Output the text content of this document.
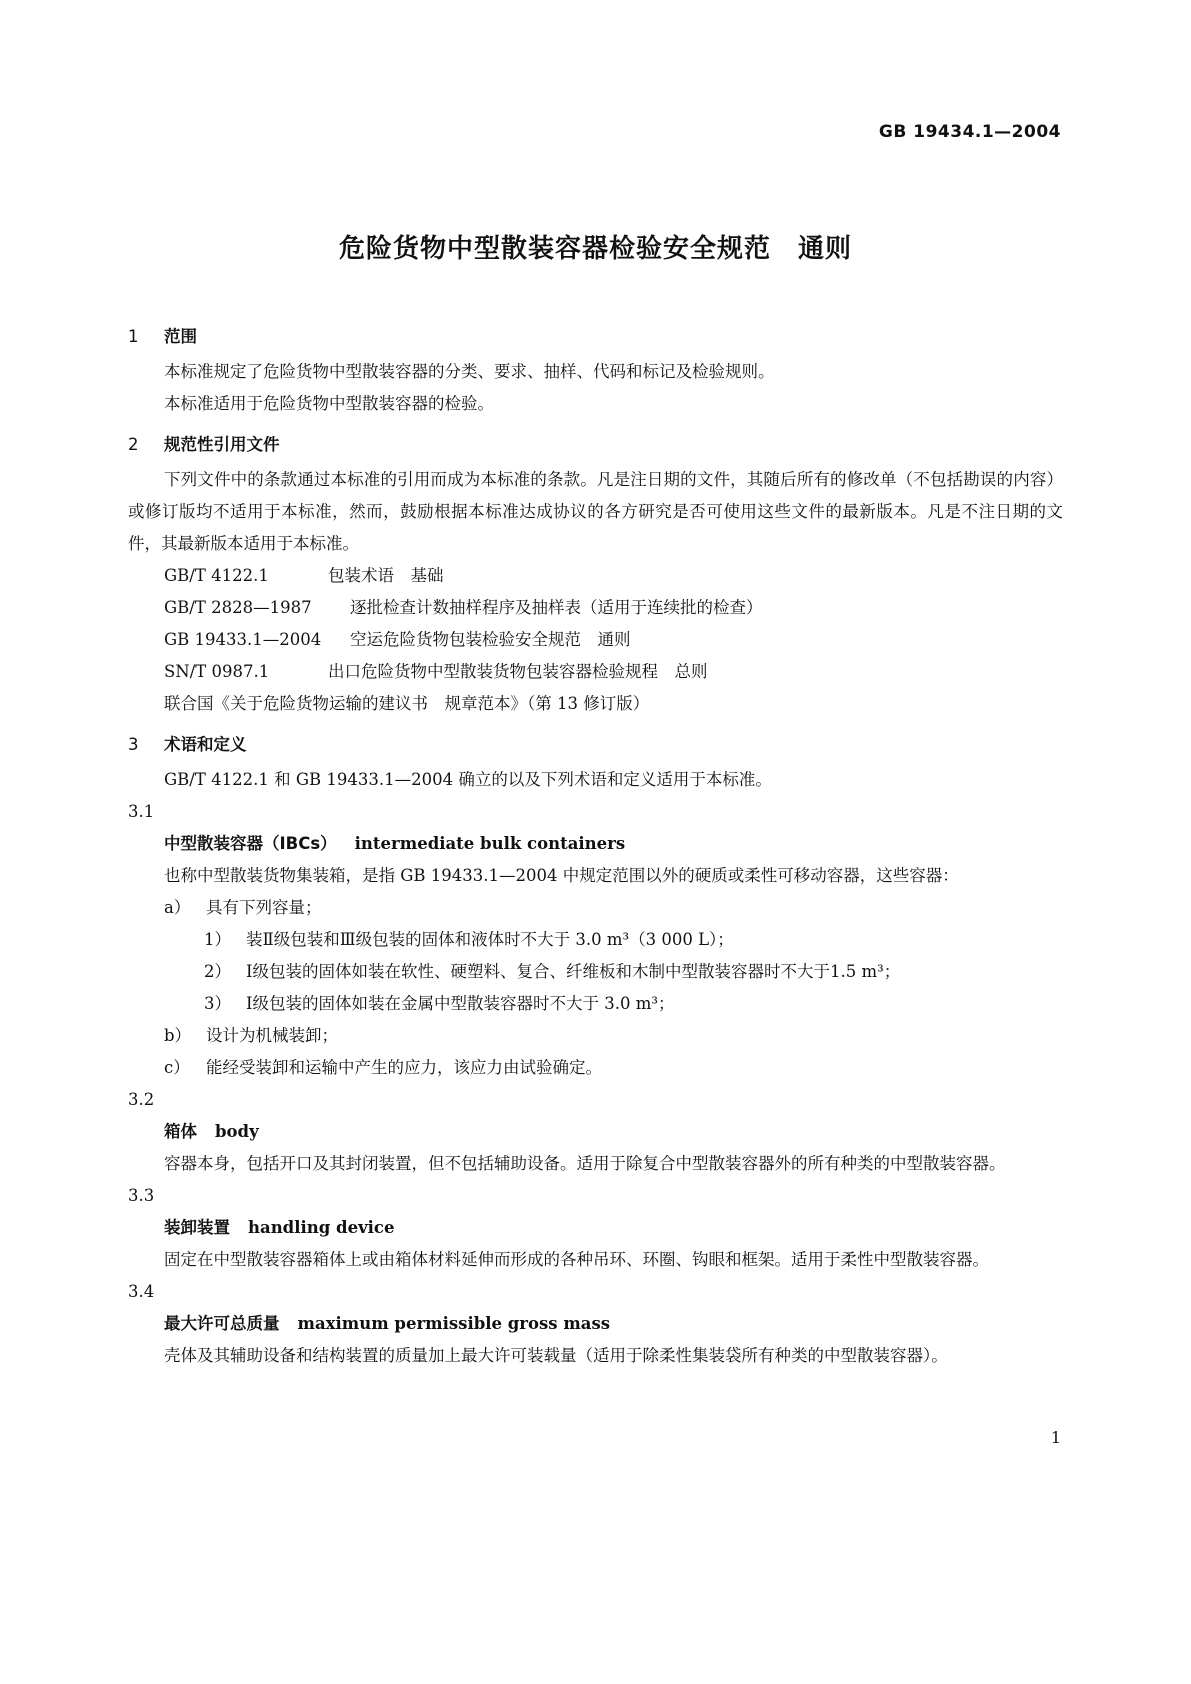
GB 19434.1—2004
危险货物中型散装容器检验安全规范　通则
1 范围
本标准规定了危险货物中型散装容器的分类、要求、抽样、代码和标记及检验规则。
本标准适用于危险货物中型散装容器的检验。
2 规范性引用文件
下列文件中的条款通过本标准的引用而成为本标准的条款。凡是注日期的文件，其随后所有的修改单（不包括勘误的内容）或修订版均不适用于本标准，然而，鼓励根据本标准达成协议的各方研究是否可使用这些文件的最新版本。凡是不注日期的文件，其最新版本适用于本标准。
GB/T 4122.1	包装术语　基础
GB/T 2828—1987 逐批检查计数抽样程序及抽样表（适用于连续批的检查）
GB 19433.1—2004 空运危险货物包装检验安全规范　通则
SN/T 0987.1	出口危险货物中型散装货物包装容器检验规程　总则
联合国《关于危险货物运输的建议书　规章范本》（第 13 修订版）
3 术语和定义
GB/T 4122.1 和 GB 19433.1—2004 确立的以及下列术语和定义适用于本标准。
3.1
中型散装容器（IBCs） intermediate bulk containers
也称中型散装货物集装箱，是指 GB 19433.1—2004 中规定范围以外的硬质或柔性可移动容器，这些容器：
a） 具有下列容量；
1） 装Ⅱ级包装和Ⅲ级包装的固体和液体时不大于 3.0 m³（3 000 L）；
2） Ⅰ级包装的固体如装在软性、硬塑料、复合、纤维板和木制中型散装容器时不大于1.5 m³；
3） Ⅰ级包装的固体如装在金属中型散装容器时不大于 3.0 m³；
b） 设计为机械装卸；
c） 能经受装卸和运输中产生的应力，该应力由试验确定。
3.2
箱体 body
容器本身，包括开口及其封闭装置，但不包括辅助设备。适用于除复合中型散装容器外的所有种类的中型散装容器。
3.3
装卸装置 handling device
固定在中型散装容器箱体上或由箱体材料延伸而形成的各种吊环、环圈、钩眼和框架。适用于柔性中型散装容器。
3.4
最大许可总质量 maximum permissible gross mass
壳体及其辅助设备和结构装置的质量加上最大许可装载量（适用于除柔性集装袋所有种类的中型散装容器）。
1
